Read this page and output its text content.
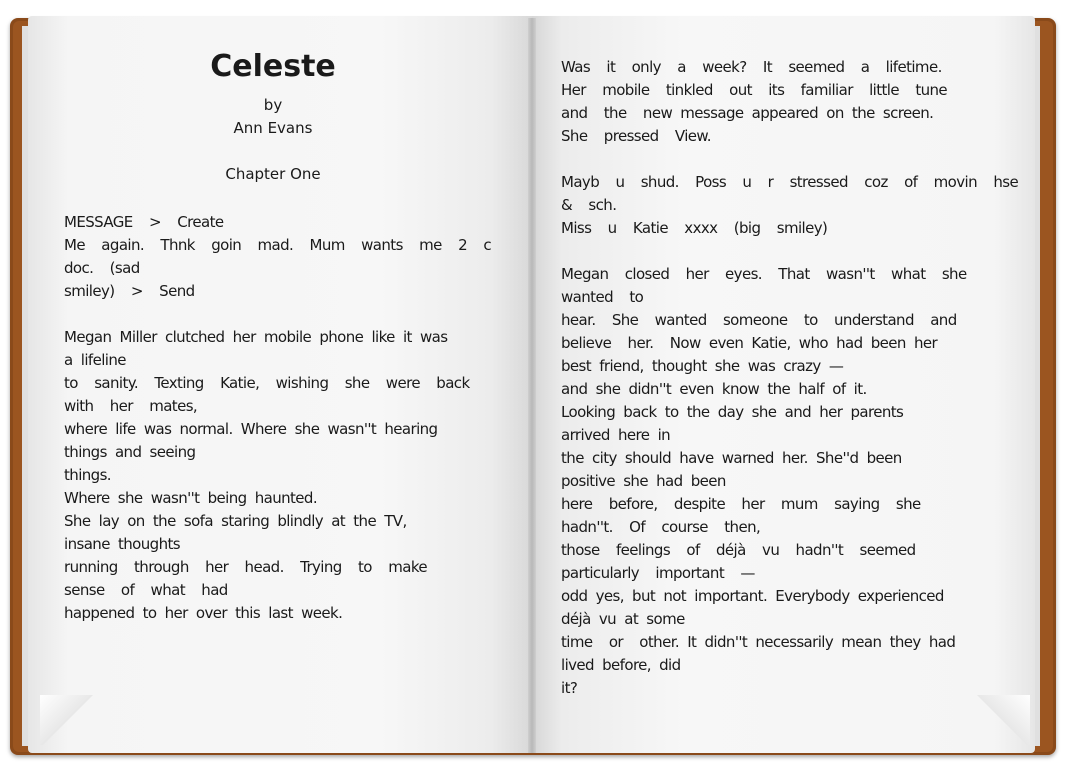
Celeste
by
Ann Evans
Chapter One
MESSAGE  >  Create
Me  again.  Thnk  goin  mad.  Mum  wants  me  2  c
doc.  (sad
smiley)  >  Send
Megan Miller clutched her mobile phone like it was
a lifeline
to  sanity.  Texting  Katie,  wishing  she  were  back
with  her  mates,
where life was normal. Where she wasn''t hearing
things and seeing
things.
Where she wasn''t being haunted.
She lay on the sofa staring blindly at the TV,
insane thoughts
running  through  her  head.  Trying  to  make
sense  of  what  had
happened to her over this last week.
Was  it  only  a  week?  It  seemed  a  lifetime.
Her  mobile  tinkled  out  its  familiar  little  tune
and  the  new message appeared on the screen.
She  pressed  View.
Mayb  u  shud.  Poss  u  r  stressed  coz  of  movin  hse
&  sch.
Miss  u  Katie  xxxx  (big  smiley)
Megan  closed  her  eyes.  That  wasn''t  what  she
wanted  to
hear.  She  wanted  someone  to  understand  and
believe  her.  Now even Katie, who had been her
best friend, thought she was crazy —
and she didn''t even know the half of it.
Looking back to the day she and her parents
arrived here in
the city should have warned her. She''d been
positive she had been
here  before,  despite  her  mum  saying  she
hadn''t.  Of  course  then,
those  feelings  of  déjà  vu  hadn''t  seemed
particularly  important  —
odd yes, but not important. Everybody experienced
déjà vu at some
time  or  other. It didn''t necessarily mean they had
lived before, did
it?
